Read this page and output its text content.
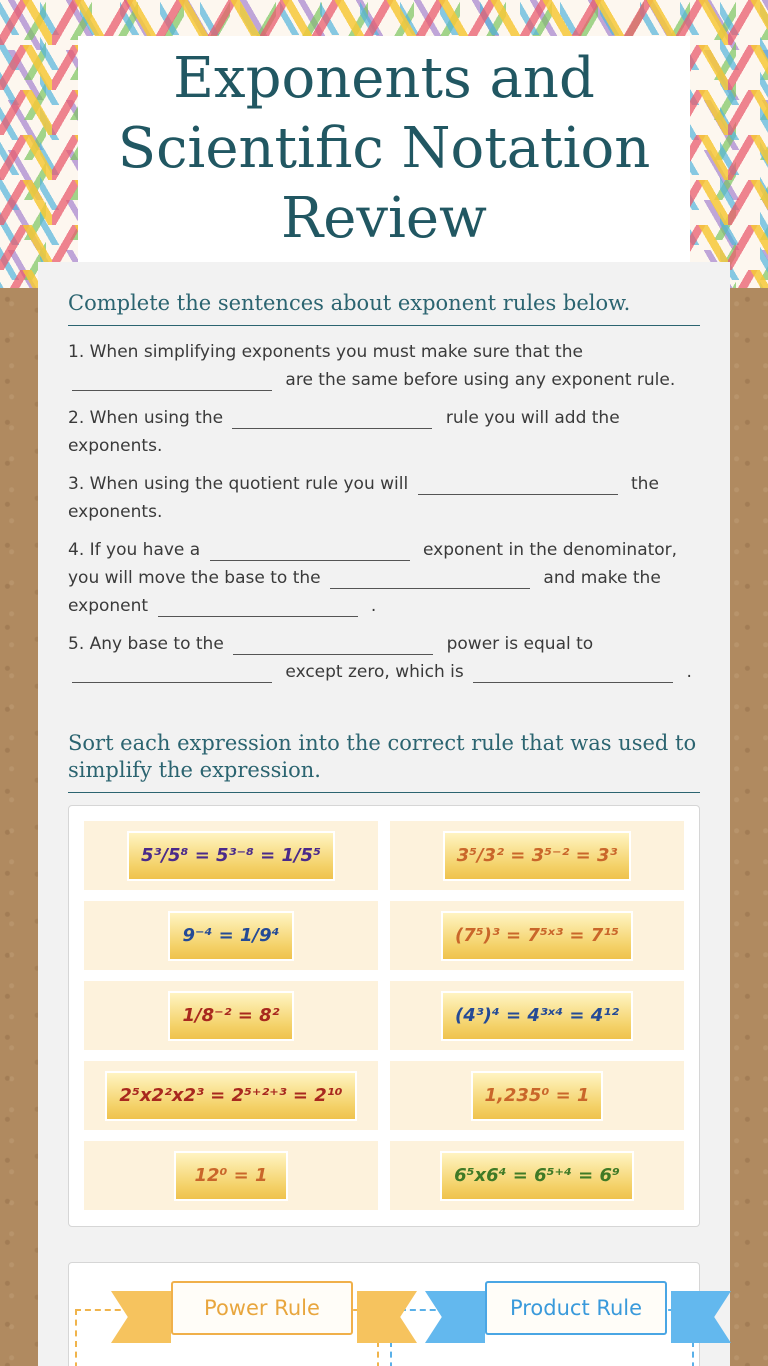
Exponents and Scientific Notation Review
Complete the sentences about exponent rules below.
1. When simplifying exponents you must make sure that the
are the same before using any exponent rule.
2. When using the	rule you will add the exponents.
3. When using the quotient rule you will	the exponents.
4. If you have a	exponent in the denominator, you will move the base to the	and make the exponent	.
5. Any base to the	power is equal to
except zero, which is	.
Sort each expression into the correct rule that was used to simplify the expression.
5³/5⁸ = 5³⁻⁸ = 1/5⁵	3⁵/3² = 3⁵⁻² = 3³
9⁻⁴ = 1/9⁴	(7⁵)³ = 7⁵ˣ³ = 7¹⁵
1/8⁻² = 8²	(4³)⁴ = 4³ˣ⁴ = 4¹²
2⁵x2²x2³ = 2⁵⁺²⁺³ = 2¹⁰	1,235⁰ = 1
12⁰ = 1	6⁵x6⁴ = 6⁵⁺⁴ = 6⁹
Power Rule	Product Rule
